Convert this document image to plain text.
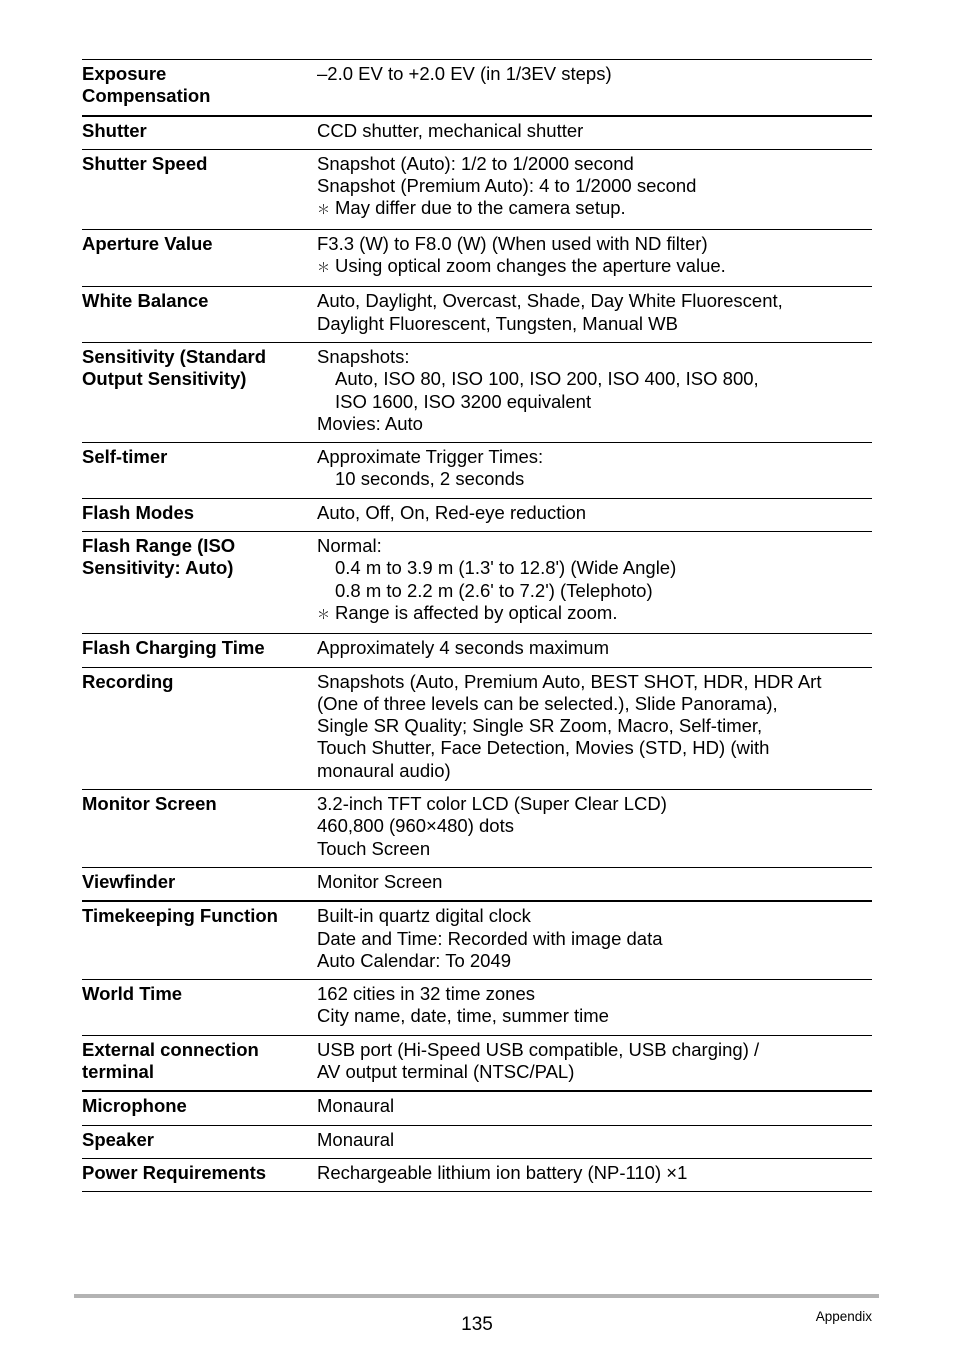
Exposure
Compensation	–2.0 EV to +2.0 EV (in 1/3EV steps)

Shutter	CCD shutter, mechanical shutter

Shutter Speed	Snapshot (Auto): 1/2 to 1/2000 second
Snapshot (Premium Auto): 4 to 1/2000 second
＊ May differ due to the camera setup.

Aperture Value	F3.3 (W) to F8.0 (W) (When used with ND filter)
＊ Using optical zoom changes the aperture value.

White Balance	Auto, Daylight, Overcast, Shade, Day White Fluorescent,
Daylight Fluorescent, Tungsten, Manual WB

Sensitivity (Standard
Output Sensitivity)	Snapshots:
Auto, ISO 80, ISO 100, ISO 200, ISO 400, ISO 800,
ISO 1600, ISO 3200 equivalent
Movies: Auto

Self-timer	Approximate Trigger Times:
10 seconds, 2 seconds

Flash Modes	Auto, Off, On, Red-eye reduction

Flash Range (ISO
Sensitivity: Auto)	Normal:
0.4 m to 3.9 m (1.3' to 12.8') (Wide Angle)
0.8 m to 2.2 m (2.6' to 7.2') (Telephoto)
＊ Range is affected by optical zoom.

Flash Charging Time	Approximately 4 seconds maximum

Recording	Snapshots (Auto, Premium Auto, BEST SHOT, HDR, HDR Art
(One of three levels can be selected.), Slide Panorama),
Single SR Quality; Single SR Zoom, Macro, Self-timer,
Touch Shutter, Face Detection, Movies (STD, HD) (with
monaural audio)

Monitor Screen	3.2-inch TFT color LCD (Super Clear LCD)
460,800 (960×480) dots
Touch Screen

Viewfinder	Monitor Screen

Timekeeping Function	Built-in quartz digital clock
Date and Time: Recorded with image data
Auto Calendar: To 2049

World Time	162 cities in 32 time zones
City name, date, time, summer time

External connection
terminal	USB port (Hi-Speed USB compatible, USB charging) /
AV output terminal (NTSC/PAL)

Microphone	Monaural

Speaker	Monaural

Power Requirements	Rechargeable lithium ion battery (NP-110) ×1
135	Appendix
